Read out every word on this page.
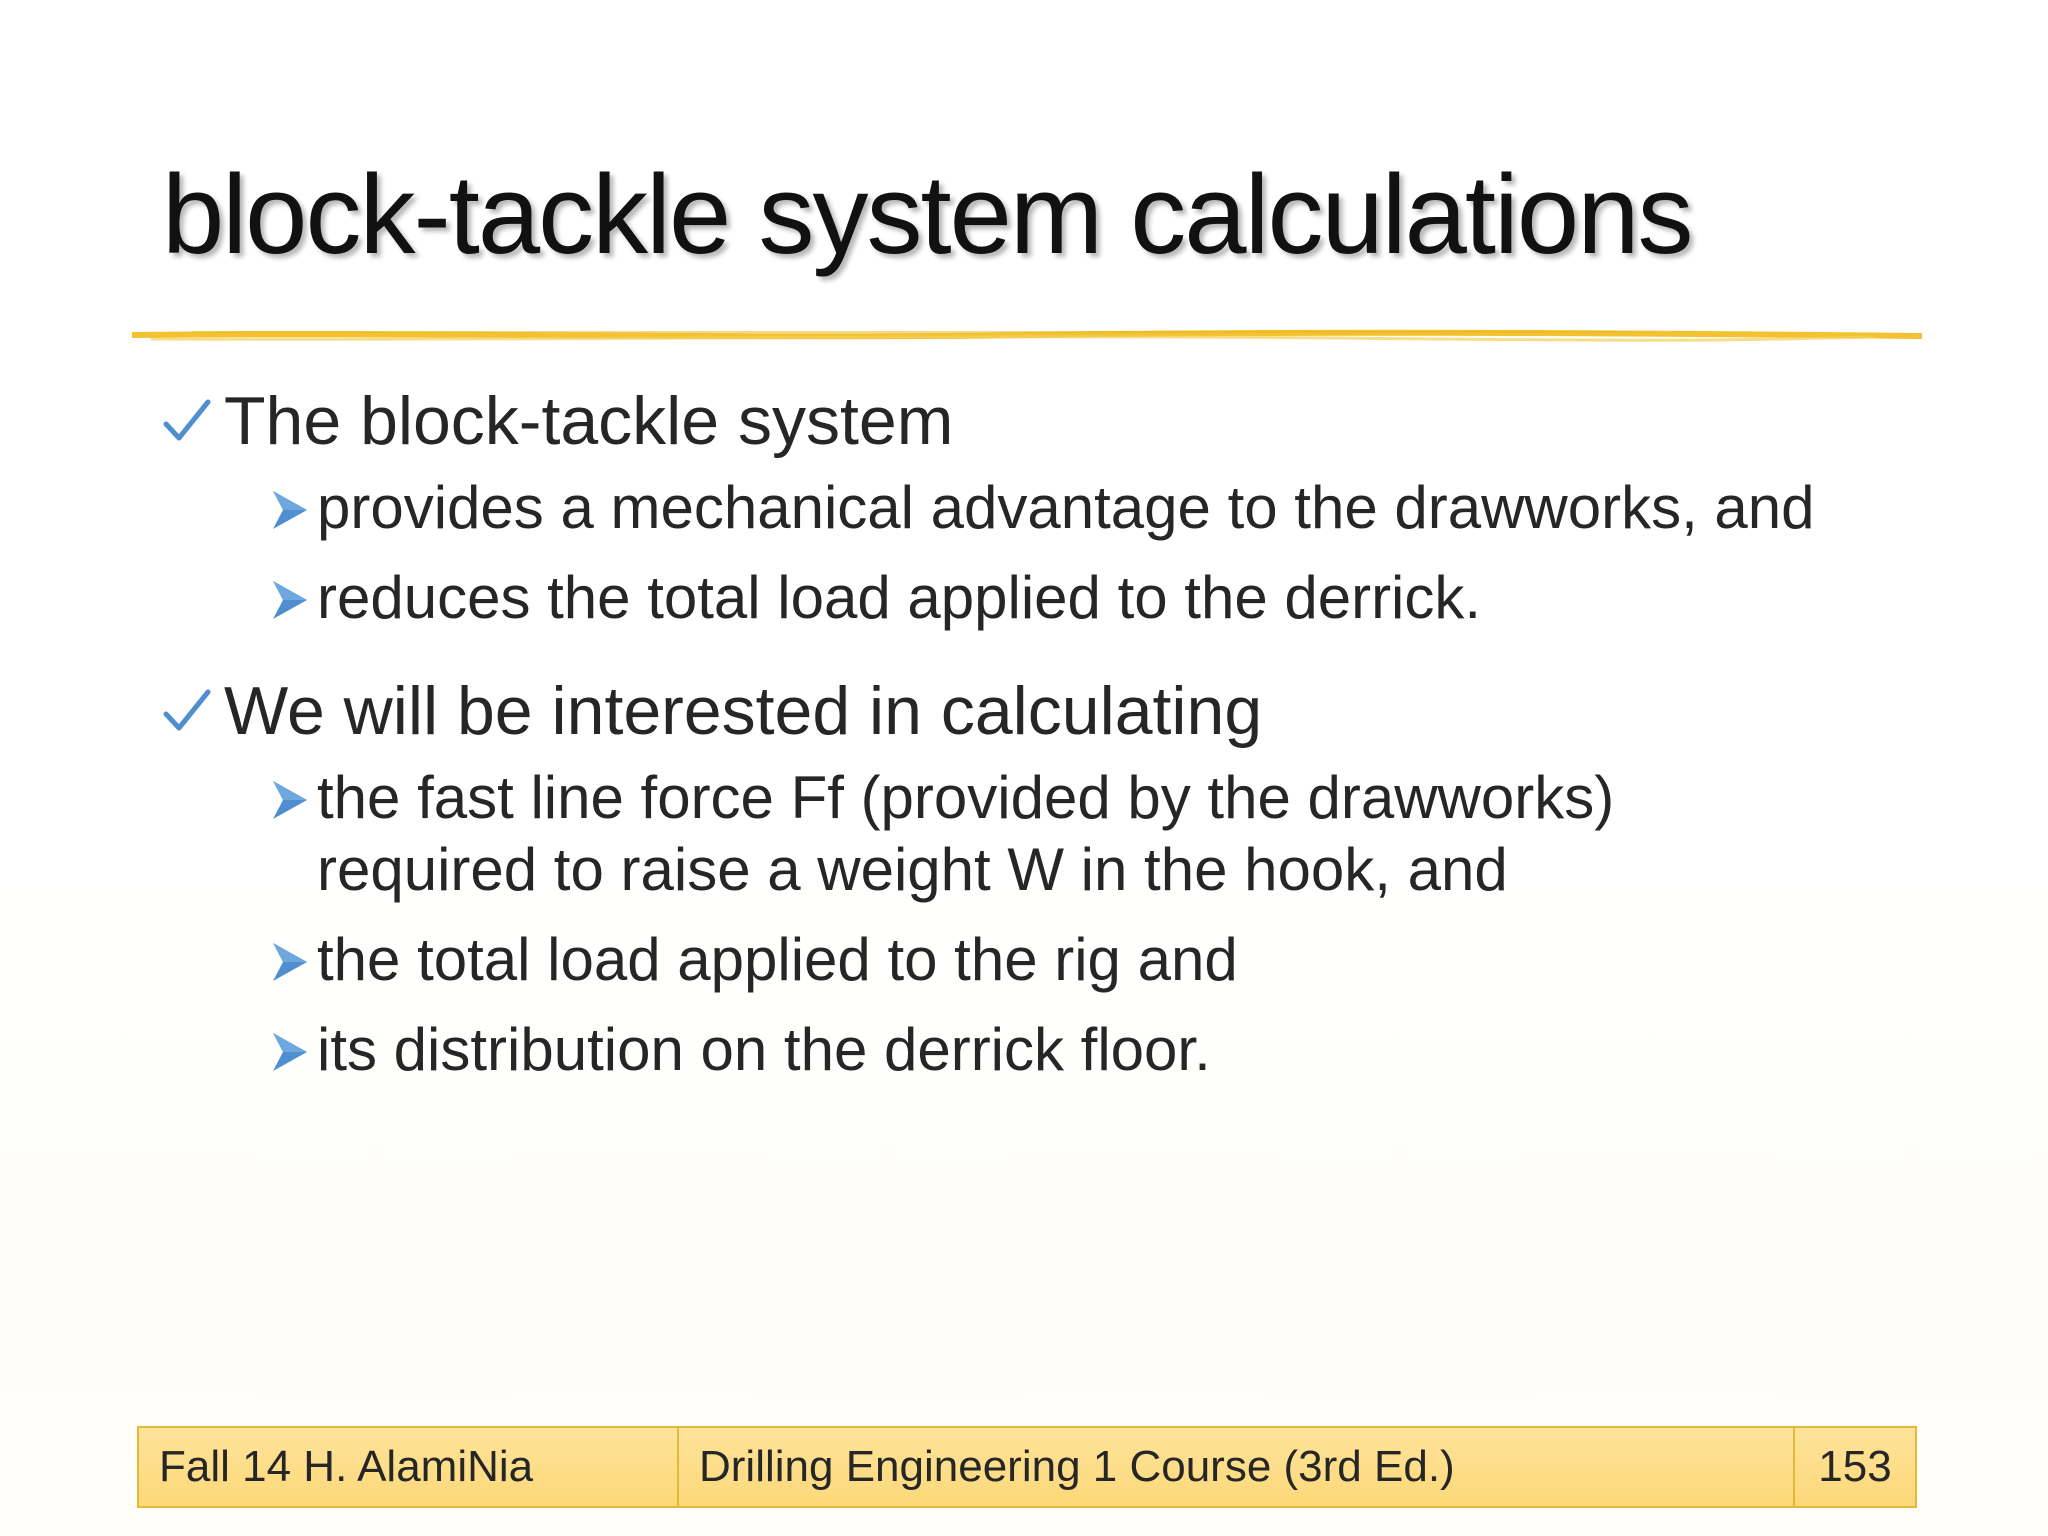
block-tackle system calculations
The block-tackle system
provides a mechanical advantage to the drawworks, and
reduces the total load applied to the derrick.
We will be interested in calculating
the fast line force Ff (provided by the drawworks) required to raise a weight W in the hook, and
the total load applied to the rig and
its distribution on the derrick floor.
Fall 14 H. AlamiNia	Drilling Engineering 1 Course (3rd Ed.)	153
